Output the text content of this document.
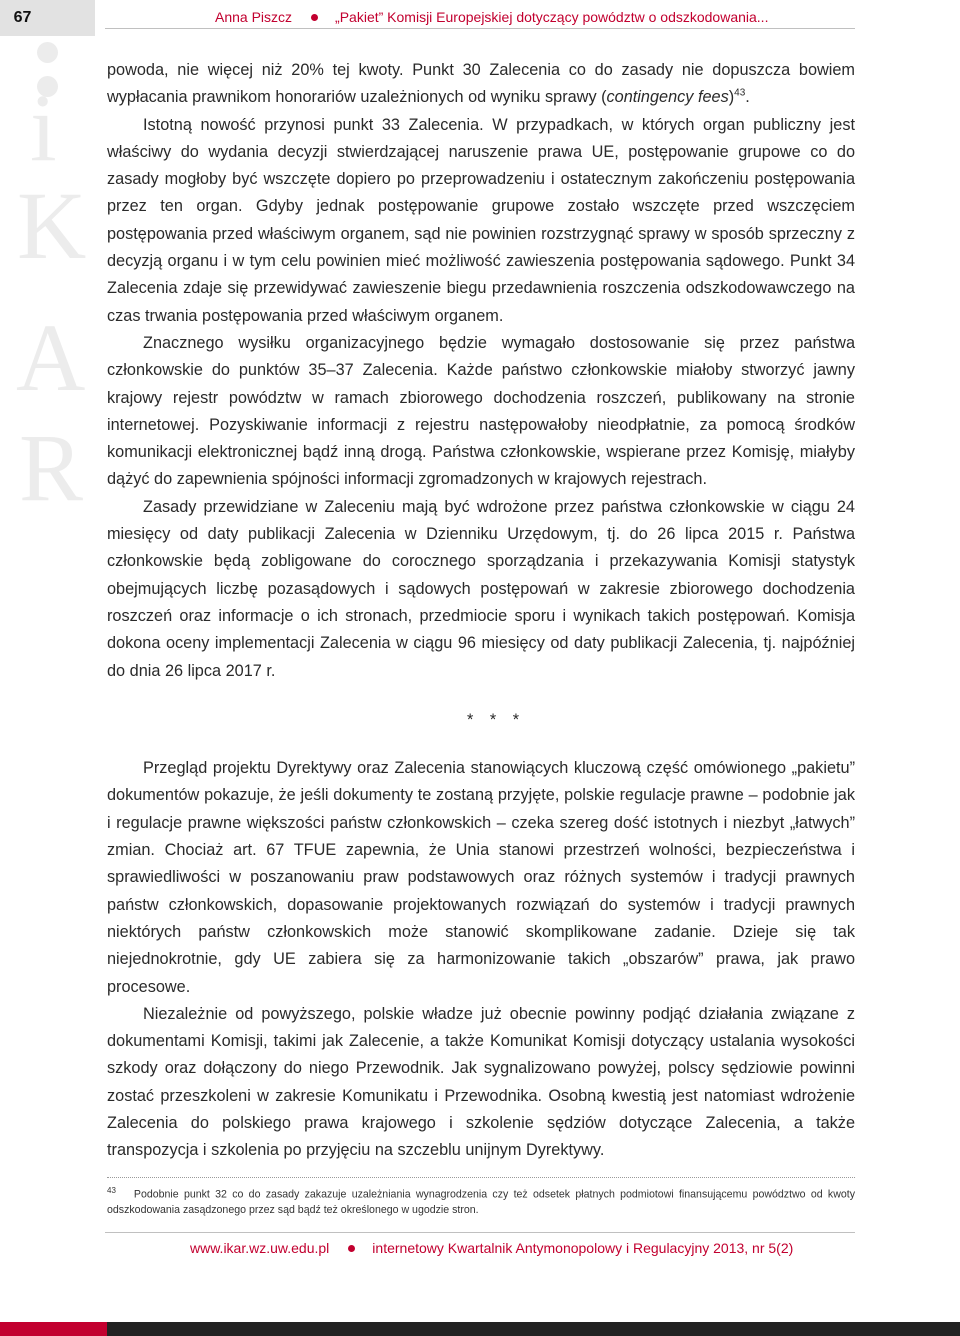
67	Anna Piszcz	„Pakiet” Komisji Europejskiej dotyczący powództw o odszkodowania...
i
K
A
R

powoda, nie więcej niż 20% tej kwoty. Punkt 30 Zalecenia co do zasady nie dopuszcza bowiem wypłacania prawnikom honorariów uzależnionych od wyniku sprawy (contingency fees)$^{43}$.

Istotną nowość przynosi punkt 33 Zalecenia. W przypadkach, w których organ publiczny jest właściwy do wydania decyzji stwierdzającej naruszenie prawa UE, postępowanie grupowe co do zasady mogłoby być wszczęte dopiero po przeprowadzeniu i ostatecznym zakończeniu postępowania przez ten organ. Gdyby jednak postępowanie grupowe zostało wszczęte przed wszczęciem postępowania przed właściwym organem, sąd nie powinien rozstrzygnąć sprawy w sposób sprzeczny z decyzją organu i w tym celu powinien mieć możliwość zawieszenia postępowania sądowego. Punkt 34 Zalecenia zdaje się przewidywać zawieszenie biegu przedawnienia roszczenia odszkodowawczego na czas trwania postępowania przed właściwym organem.

Znacznego wysiłku organizacyjnego będzie wymagało dostosowanie się przez państwa członkowskie do punktów 35–37 Zalecenia. Każde państwo członkowskie miałoby stworzyć jawny krajowy rejestr powództw w ramach zbiorowego dochodzenia roszczeń, publikowany na stronie internetowej. Pozyskiwanie informacji z rejestru następowałoby nieodpłatnie, za pomocą środków komunikacji elektronicznej bądź inną drogą. Państwa członkowskie, wspierane przez Komisję, miałyby dążyć do zapewnienia spójności informacji zgromadzonych w krajowych rejestrach.

Zasady przewidziane w Zaleceniu mają być wdrożone przez państwa członkowskie w ciągu 24 miesięcy od daty publikacji Zalecenia w Dzienniku Urzędowym, tj. do 26 lipca 2015 r. Państwa członkowskie będą zobligowane do corocznego sporządzania i przekazywania Komisji statystyk obejmujących liczbę pozasądowych i sądowych postępowań w zakresie zbiorowego dochodzenia roszczeń oraz informacje o ich stronach, przedmiocie sporu i wynikach takich postępowań. Komisja dokona oceny implementacji Zalecenia w ciągu 96 miesięcy od daty publikacji Zalecenia, tj. najpóźniej do dnia 26 lipca 2017 r.

* * *

Przegląd projektu Dyrektywy oraz Zalecenia stanowiących kluczową część omówionego „pakietu” dokumentów pokazuje, że jeśli dokumenty te zostaną przyjęte, polskie regulacje prawne – podobnie jak i regulacje prawne większości państw członkowskich – czeka szereg dość istotnych i niezbyt „łatwych” zmian. Chociaż art. 67 TFUE zapewnia, że Unia stanowi przestrzeń wolności, bezpieczeństwa i sprawiedliwości w poszanowaniu praw podstawowych oraz różnych systemów i tradycji prawnych państw członkowskich, dopasowanie projektowanych rozwiązań do systemów i tradycji prawnych niektórych państw członkowskich może stanowić skomplikowane zadanie. Dzieje się tak niejednokrotnie, gdy UE zabiera się za harmonizowanie takich „obszarów” prawa, jak prawo procesowe.

Niezależnie od powyższego, polskie władze już obecnie powinny podjąć działania związane z dokumentami Komisji, takimi jak Zalecenie, a także Komunikat Komisji dotyczący ustalania wysokości szkody oraz dołączony do niego Przewodnik. Jak sygnalizowano powyżej, polscy sędziowie powinni zostać przeszkoleni w zakresie Komunikatu i Przewodnika. Osobną kwestią jest natomiast wdrożenie Zalecenia do polskiego prawa krajowego i szkolenie sędziów dotyczące Zalecenia, a także transpozycja i szkolenia po przyjęciu na szczeblu unijnym Dyrektywy.

$^{43}$ Podobnie punkt 32 co do zasady zakazuje uzależniania wynagrodzenia czy też odsetek płatnych podmiotowi finansującemu powództwo od kwoty odszkodowania zasądzonego przez sąd bądź też określonego w ugodzie stron.
www.ikar.wz.uw.edu.pl	internetowy Kwartalnik Antymonopolowy i Regulacyjny 2013, nr 5(2)
